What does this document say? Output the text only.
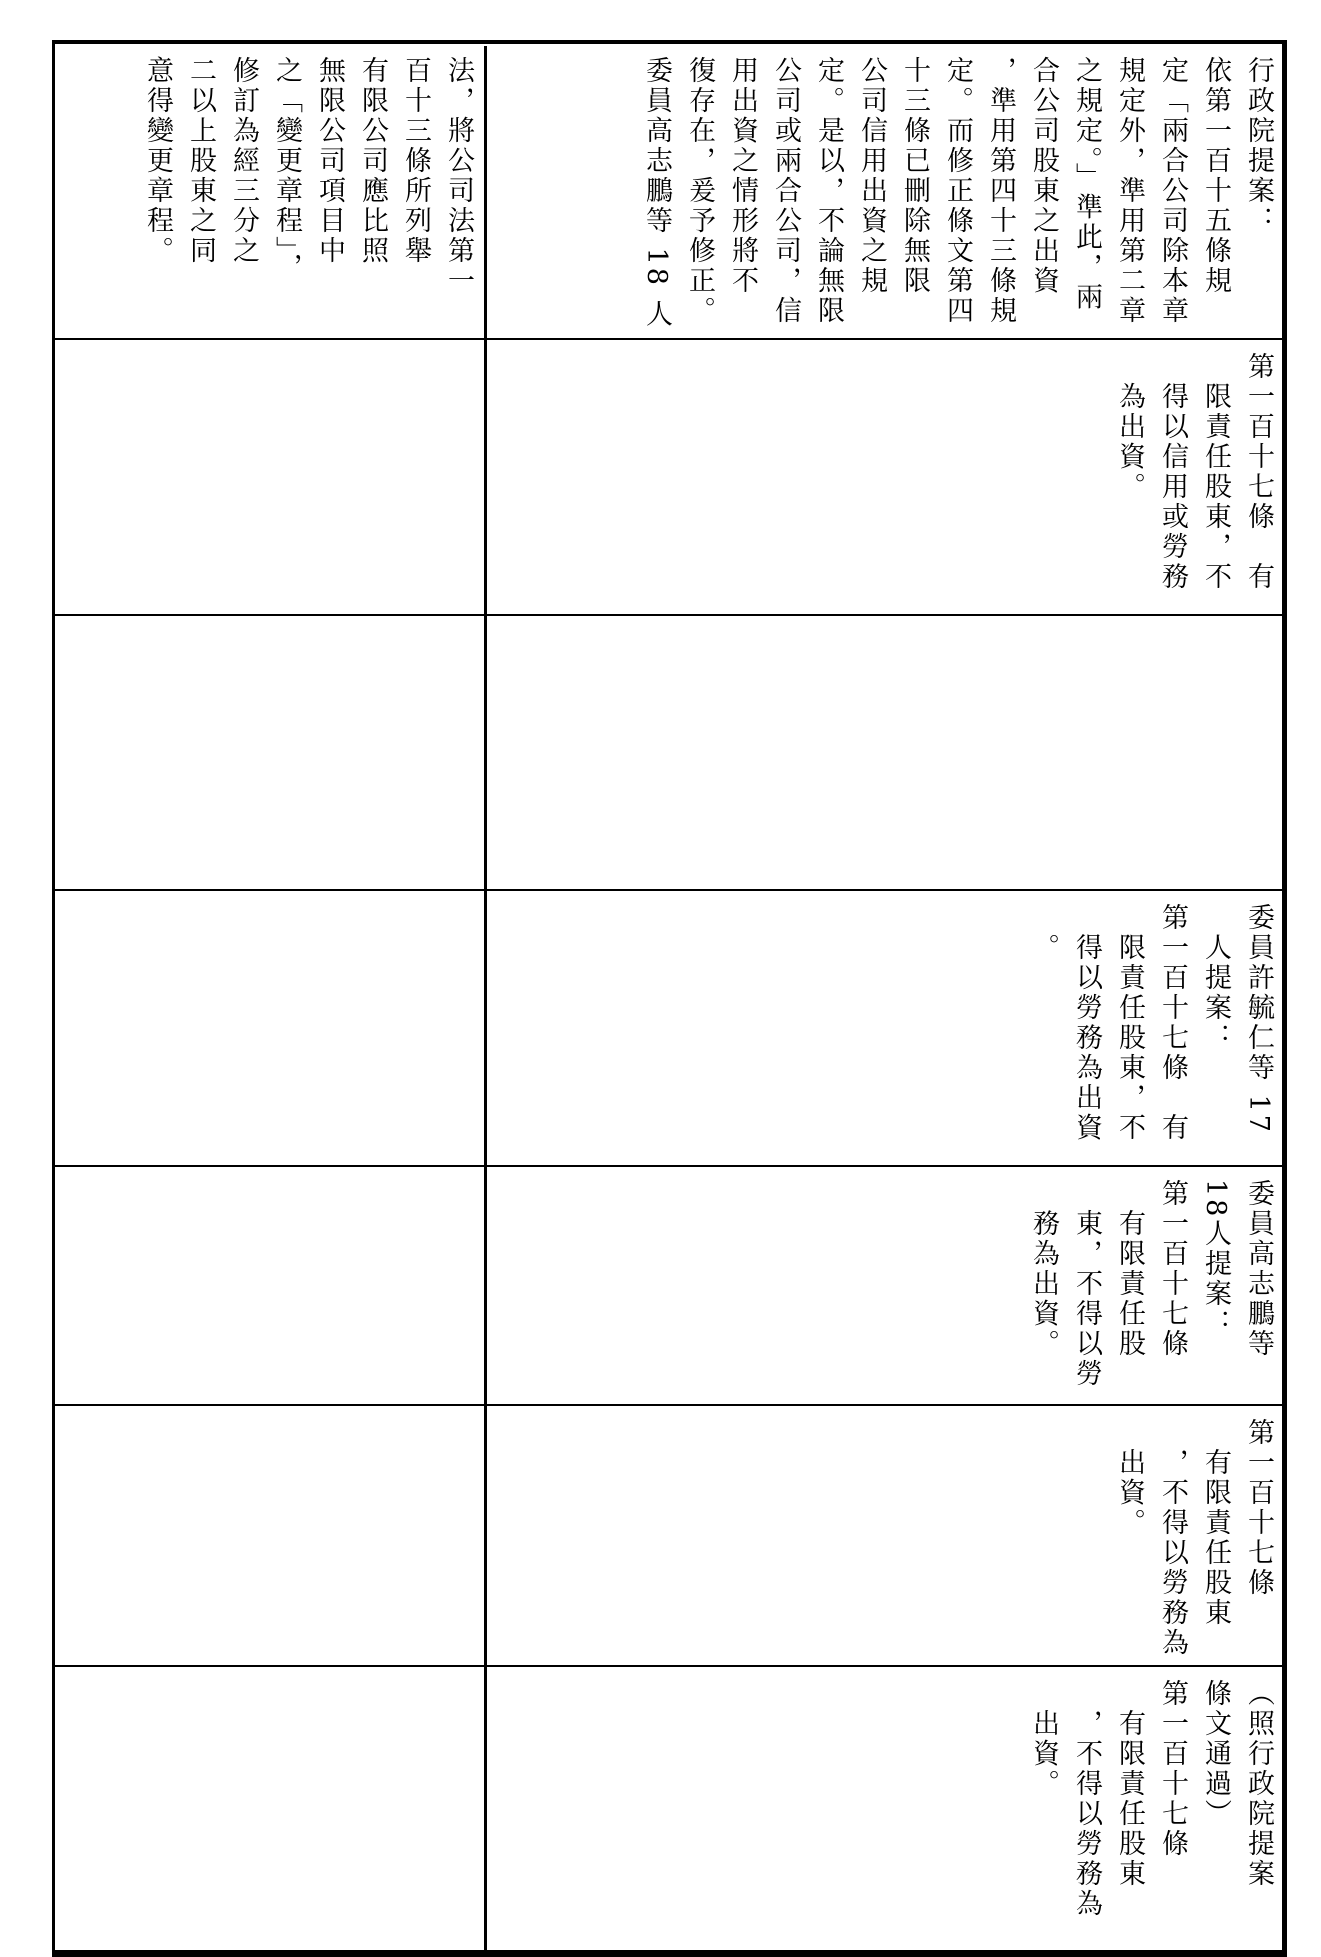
行政院提案：
依第一百十五條規
定「兩合公司除本章
規定外，準用第二章
之規定。」準此，兩
合公司股東之出資
，準用第四十三條規
定。而修正條文第四
十三條已刪除無限
公司信用出資之規
定。是以，不論無限
公司或兩合公司，信
用出資之情形將不
復存在，爰予修正。
委員高志鵬等 18 人
第一百十七條　有
　限責任股東，不
　得以信用或勞務
　為出資。
委員許毓仁等 17
　人提案：
第一百十七條　有
　限責任股東，不
　得以勞務為出資
　。
委員高志鵬等
18人提案：
第一百十七條
　有限責任股
　東，不得以勞
　務為出資。
第一百十七條
　有限責任股東
　，不得以勞務為
　出資。
（照行政院提案
條文通過）
第一百十七條
　有限責任股東
　，不得以勞務為
　出資。
法，將公司法第一
百十三條所列舉
有限公司應比照
無限公司項目中
之「變更章程」，
修訂為經三分之
二以上股東之同
意得變更章程。
